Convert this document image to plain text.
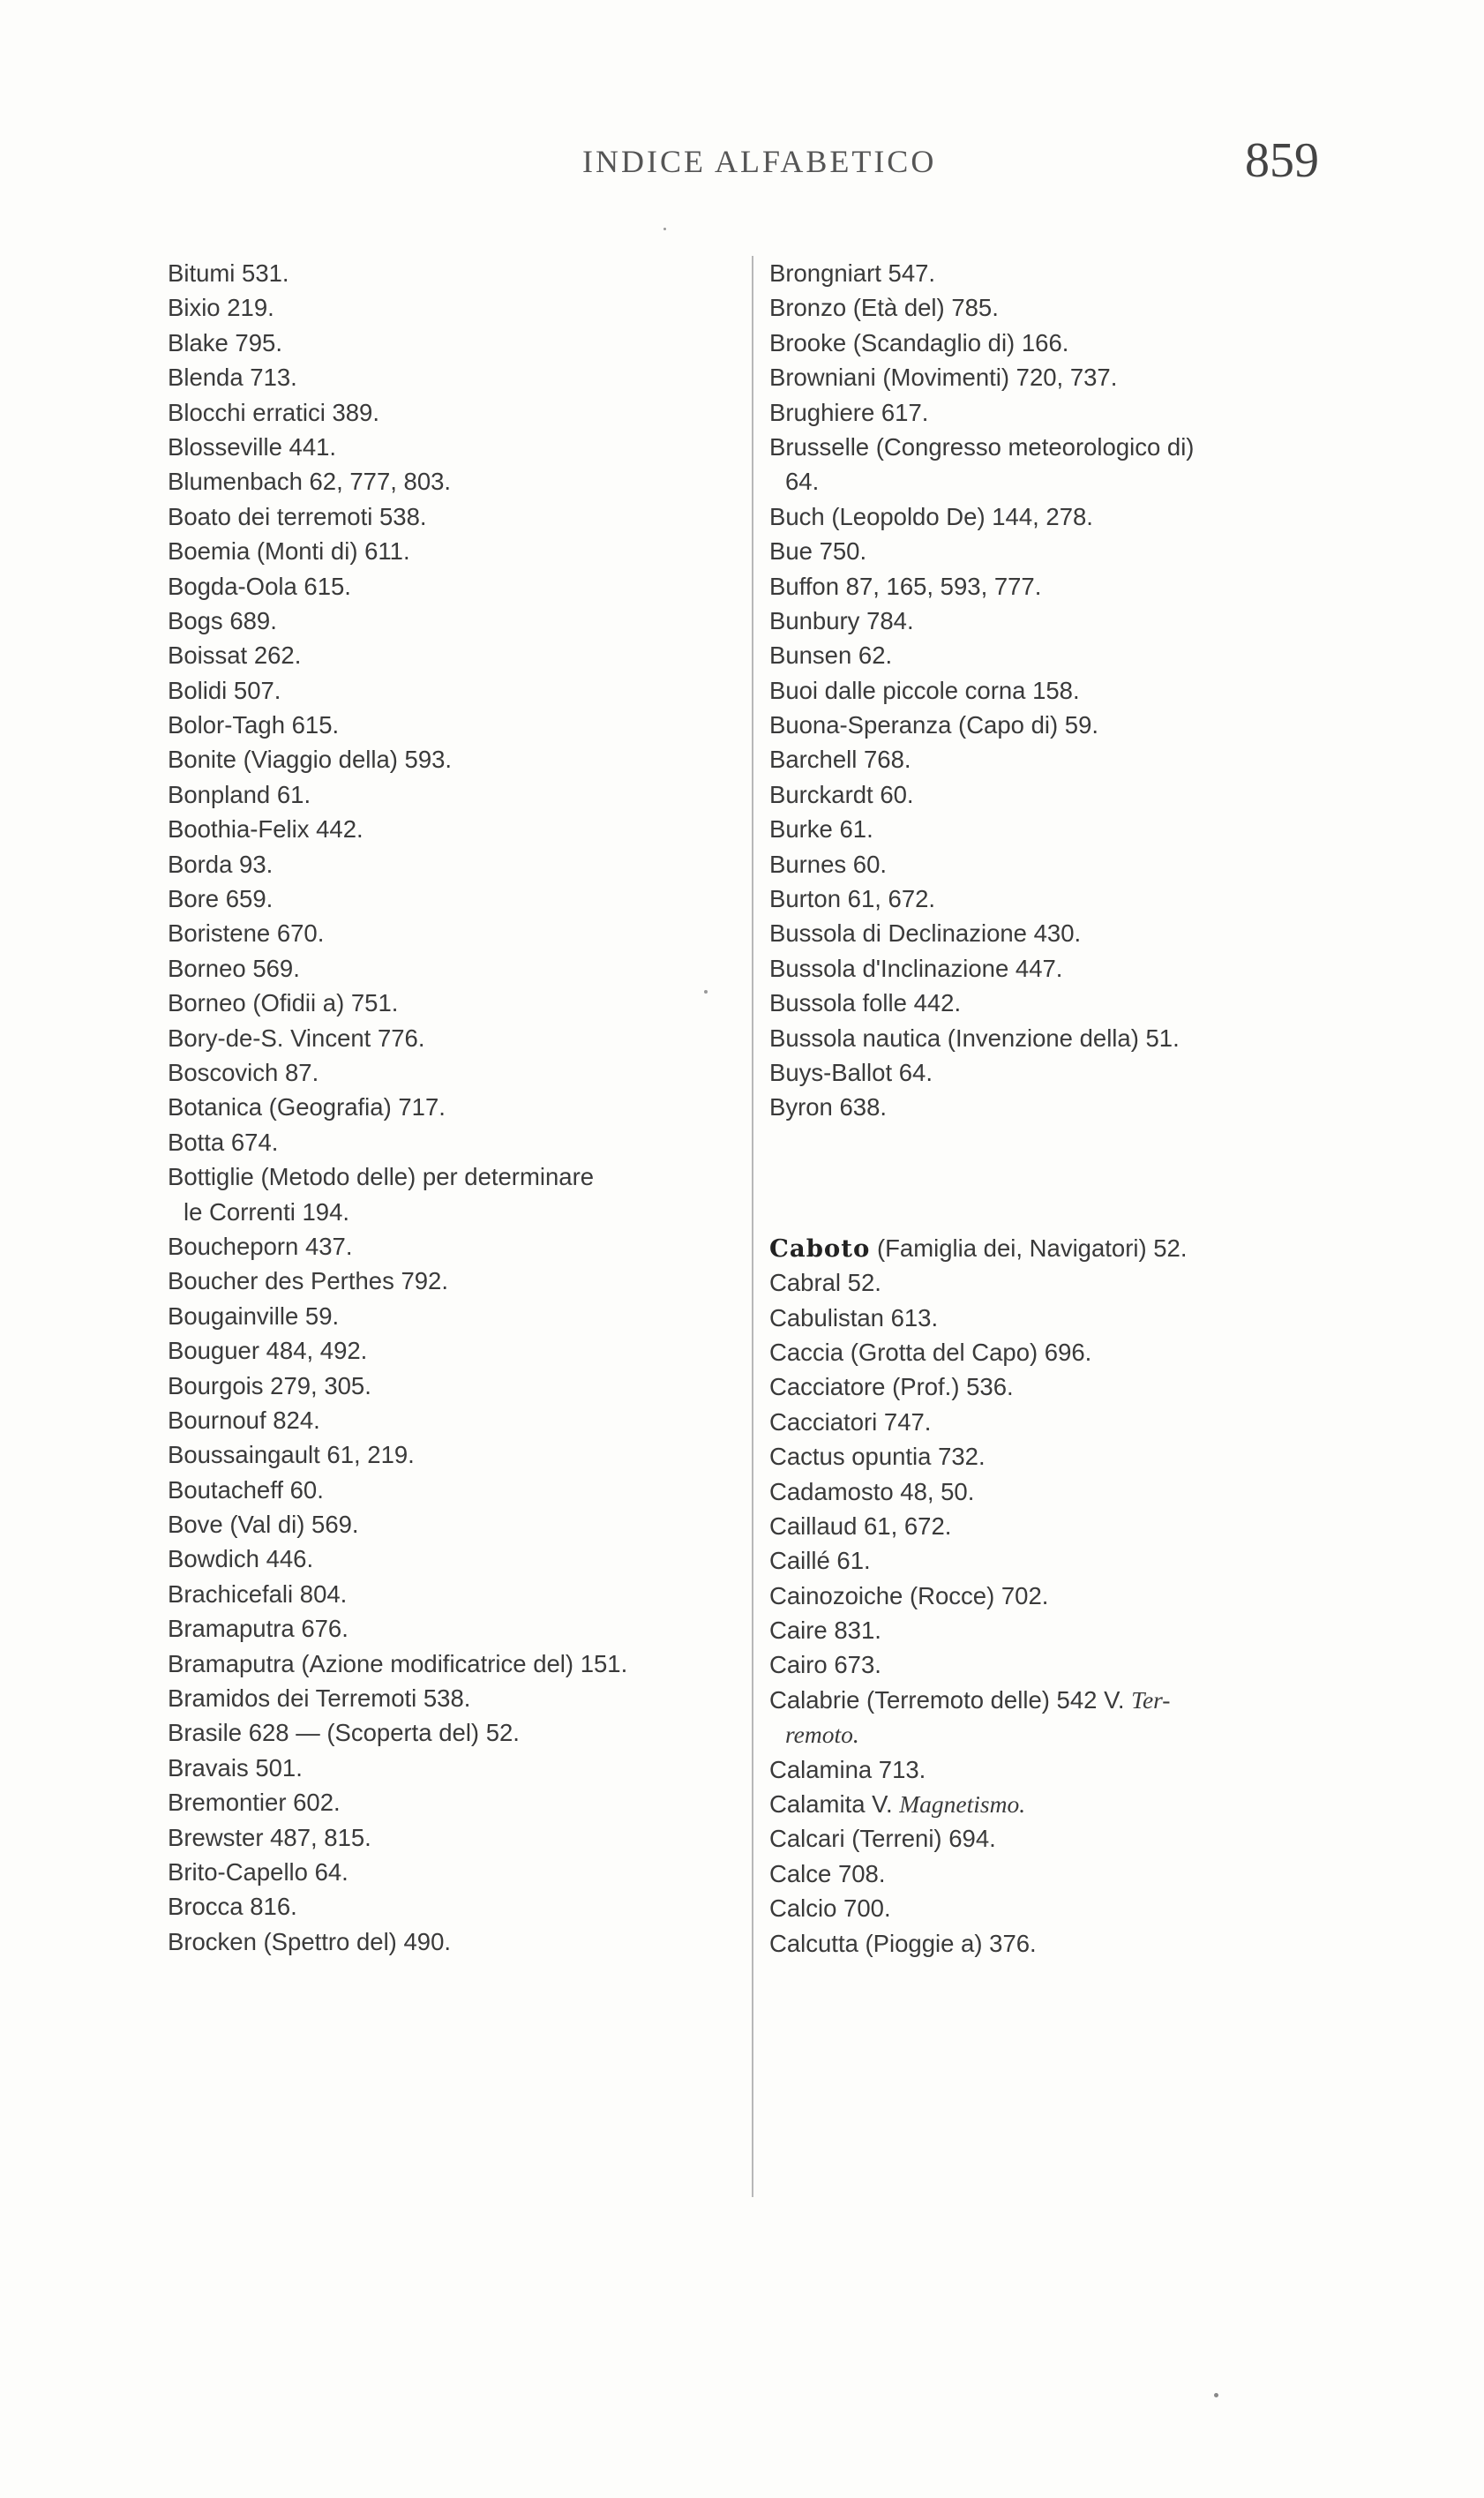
INDICE ALFABETICO	859
Bitumi 531.
Bixio 219.
Blake 795.
Blenda 713.
Blocchi erratici 389.
Blosseville 441.
Blumenbach 62, 777, 803.
Boato dei terremoti 538.
Boemia (Monti di) 611.
Bogda-Oola 615.
Bogs 689.
Boissat 262.
Bolidi 507.
Bolor-Tagh 615.
Bonite (Viaggio della) 593.
Bonpland 61.
Boothia-Felix 442.
Borda 93.
Bore 659.
Boristene 670.
Borneo 569.
Borneo (Ofidii a) 751.
Bory-de-S. Vincent 776.
Boscovich 87.
Botanica (Geografia) 717.
Botta 674.
Bottiglie (Metodo delle) per determinare
le Correnti 194.
Boucheporn 437.
Boucher des Perthes 792.
Bougainville 59.
Bouguer 484, 492.
Bourgois 279, 305.
Bournouf 824.
Boussaingault 61, 219.
Boutacheff 60.
Bove (Val di) 569.
Bowdich 446.
Brachicefali 804.
Bramaputra 676.
Bramaputra (Azione modificatrice del) 151.
Bramidos dei Terremoti 538.
Brasile 628 — (Scoperta del) 52.
Bravais 501.
Bremontier 602.
Brewster 487, 815.
Brito-Capello 64.
Brocca 816.
Brocken (Spettro del) 490.
Brongniart 547.
Bronzo (Età del) 785.
Brooke (Scandaglio di) 166.
Browniani (Movimenti) 720, 737.
Brughiere 617.
Brusselle (Congresso meteorologico di)
64.
Buch (Leopoldo De) 144, 278.
Bue 750.
Buffon 87, 165, 593, 777.
Bunbury 784.
Bunsen 62.
Buoi dalle piccole corna 158.
Buona-Speranza (Capo di) 59.
Barchell 768.
Burckardt 60.
Burke 61.
Burnes 60.
Burton 61, 672.
Bussola di Declinazione 430.
Bussola d'Inclinazione 447.
Bussola folle 442.
Bussola nautica (Invenzione della) 51.
Buys-Ballot 64.
Byron 638.
Caboto (Famiglia dei, Navigatori) 52.
Cabral 52.
Cabulistan 613.
Caccia (Grotta del Capo) 696.
Cacciatore (Prof.) 536.
Cacciatori 747.
Cactus opuntia 732.
Cadamosto 48, 50.
Caillaud 61, 672.
Caillé 61.
Cainozoiche (Rocce) 702.
Caire 831.
Cairo 673.
Calabrie (Terremoto delle) 542 V. Ter-
remoto.
Calamina 713.
Calamita V. Magnetismo.
Calcari (Terreni) 694.
Calce 708.
Calcio 700.
Calcutta (Pioggie a) 376.
